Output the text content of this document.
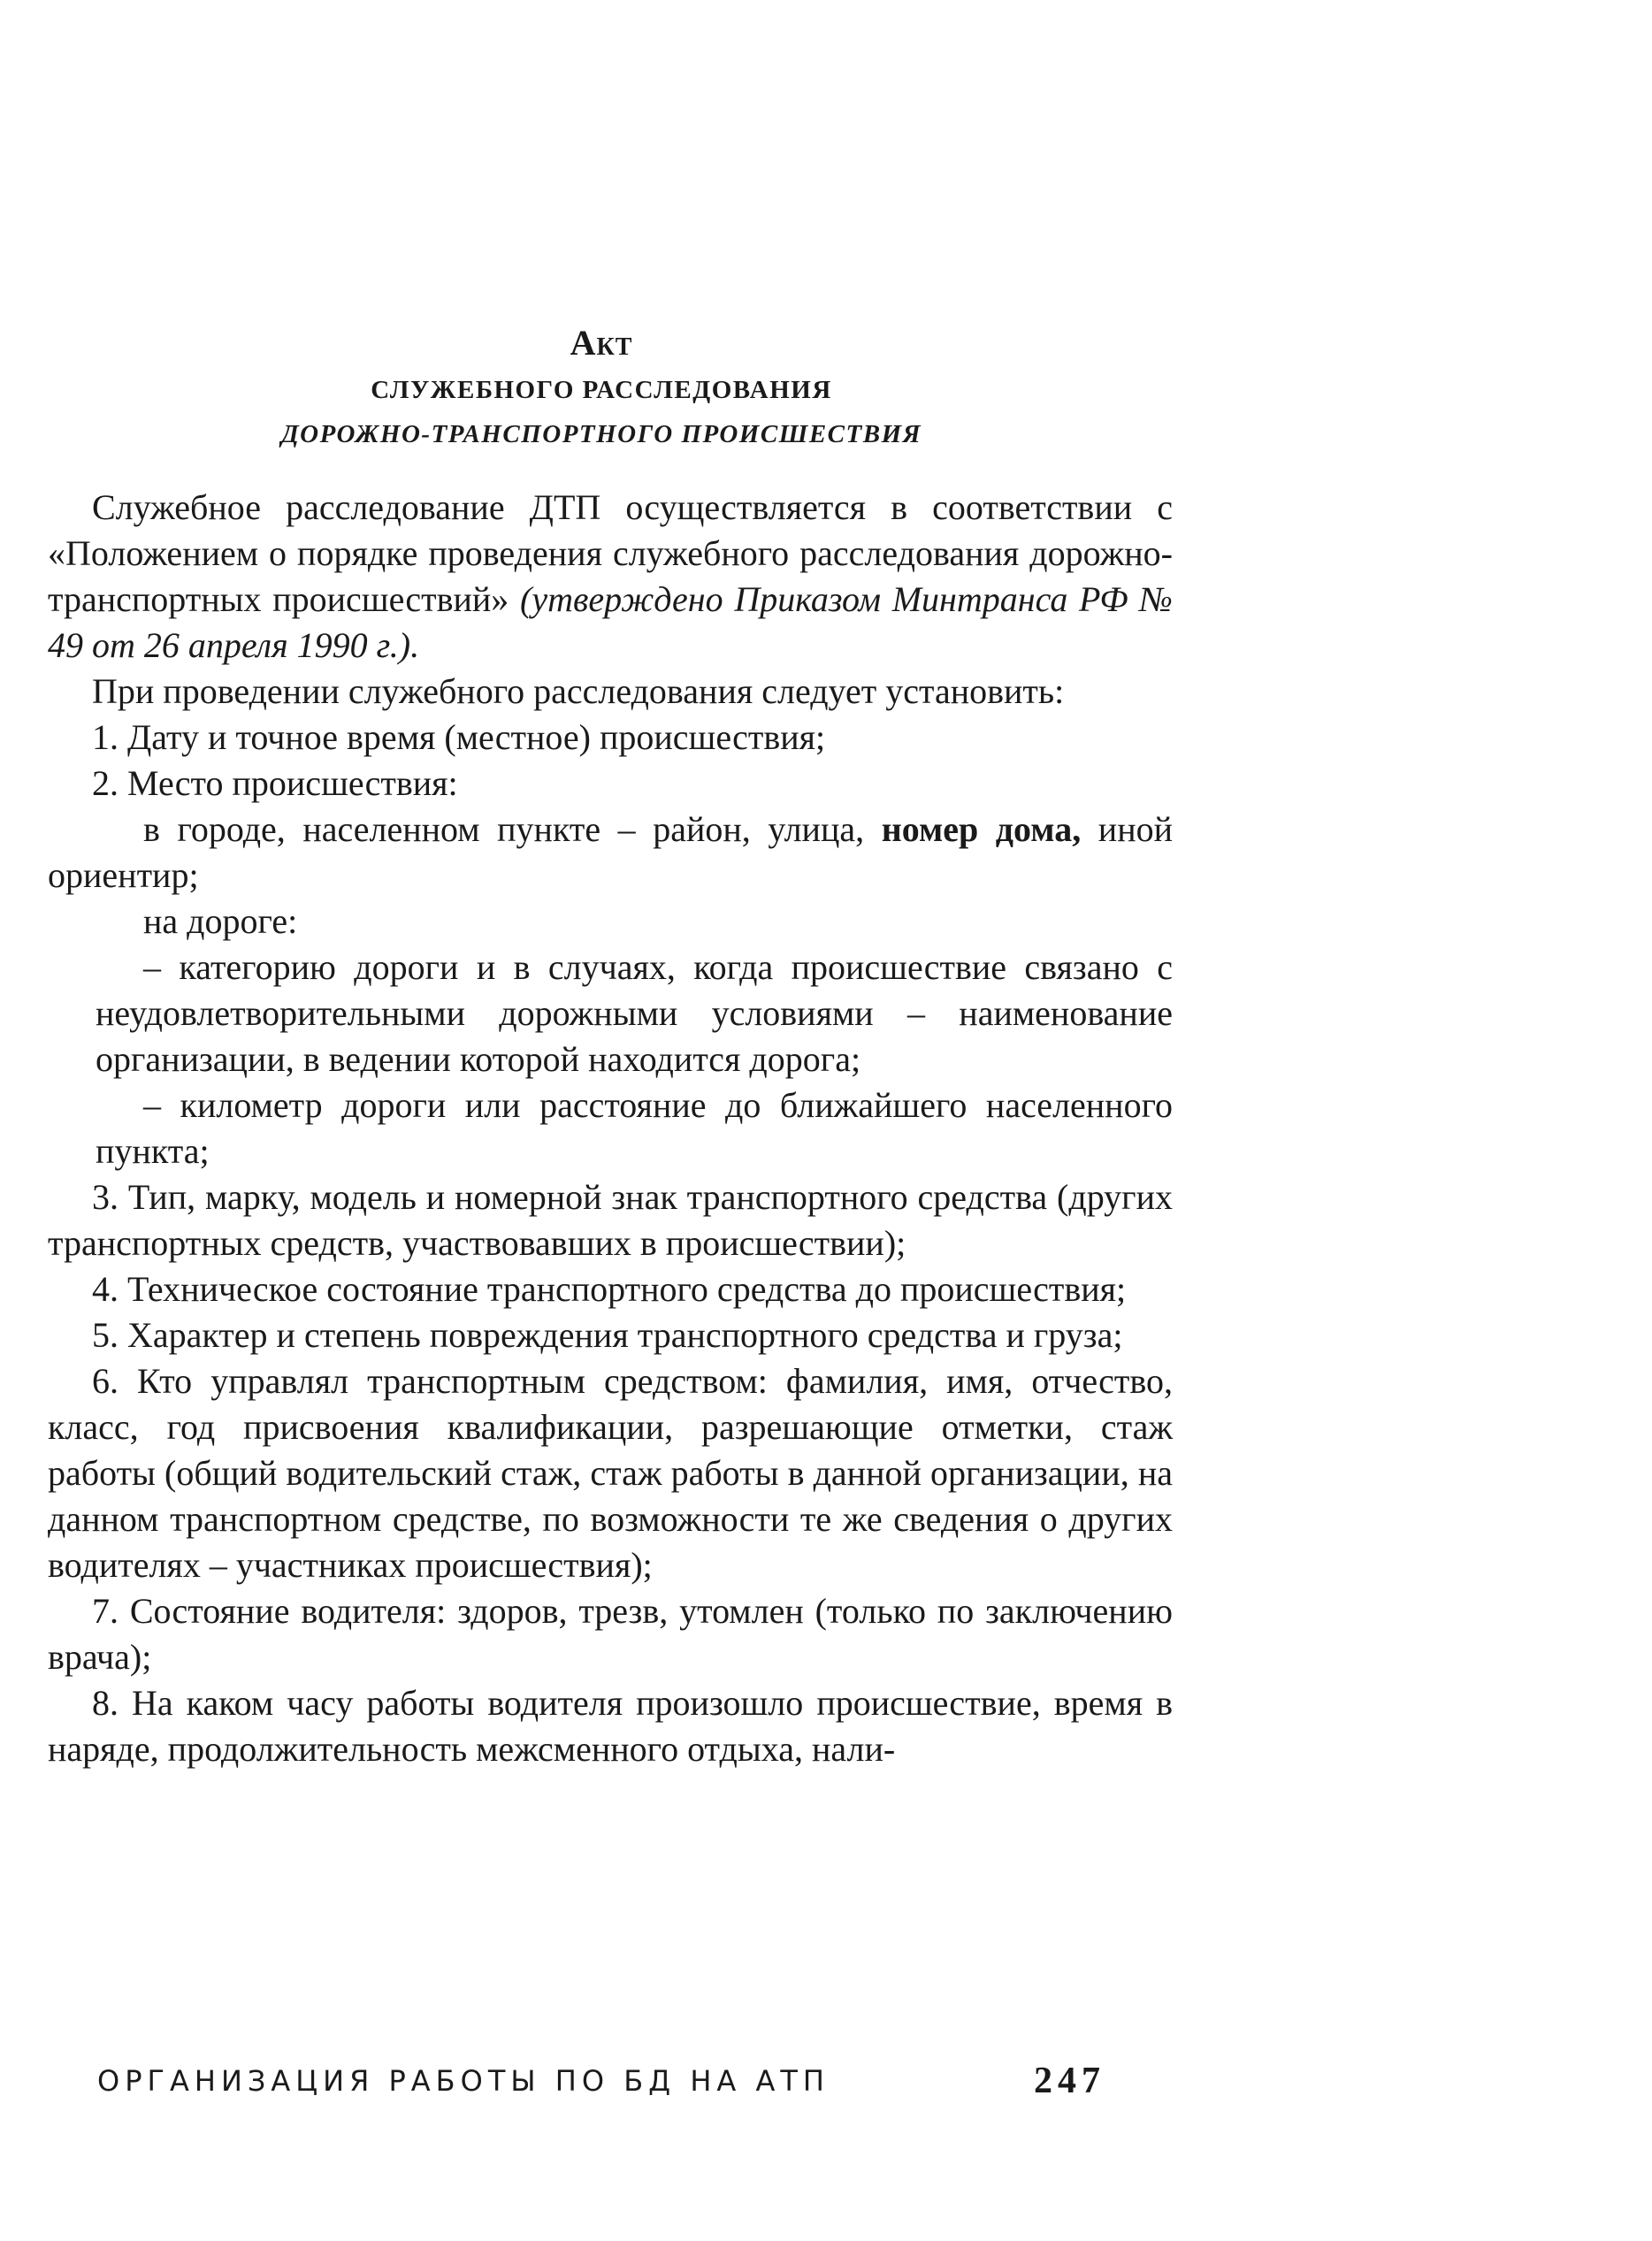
Акт
СЛУЖЕБНОГО РАССЛЕДОВАНИЯ
ДОРОЖНО-ТРАНСПОРТНОГО ПРОИСШЕСТВИЯ

Служебное расследование ДТП осуществляется в соответствии с «Положением о порядке проведения служебного расследования дорожно-транспортных происшествий» (утверждено Приказом Минтранса РФ № 49 от 26 апреля 1990 г.).

При проведении служебного расследования следует установить:

1. Дату и точное время (местное) происшествия;

2. Место происшествия:

в городе, населенном пункте – район, улица, номер дома, иной ориентир;

на дороге:

– категорию дороги и в случаях, когда происшествие связано с неудовлетворительными дорожными условиями – наименование организации, в ведении которой находится дорога;

– километр дороги или расстояние до ближайшего населенного пункта;

3. Тип, марку, модель и номерной знак транспортного средства (других транспортных средств, участвовавших в происшествии);

4. Техническое состояние транспортного средства до происшествия;

5. Характер и степень повреждения транспортного средства и груза;

6. Кто управлял транспортным средством: фамилия, имя, отчество, класс, год присвоения квалификации, разрешающие отметки, стаж работы (общий водительский стаж, стаж работы в данной организации, на данном транспортном средстве, по возможности те же сведения о других водителях – участниках происшествия);

7. Состояние водителя: здоров, трезв, утомлен (только по заключению врача);

8. На каком часу работы водителя произошло происшествие, время в наряде, продолжительность межсменного отдыха, нали-

ОРГАНИЗАЦИЯ РАБОТЫ ПО БД НА АТП	247
